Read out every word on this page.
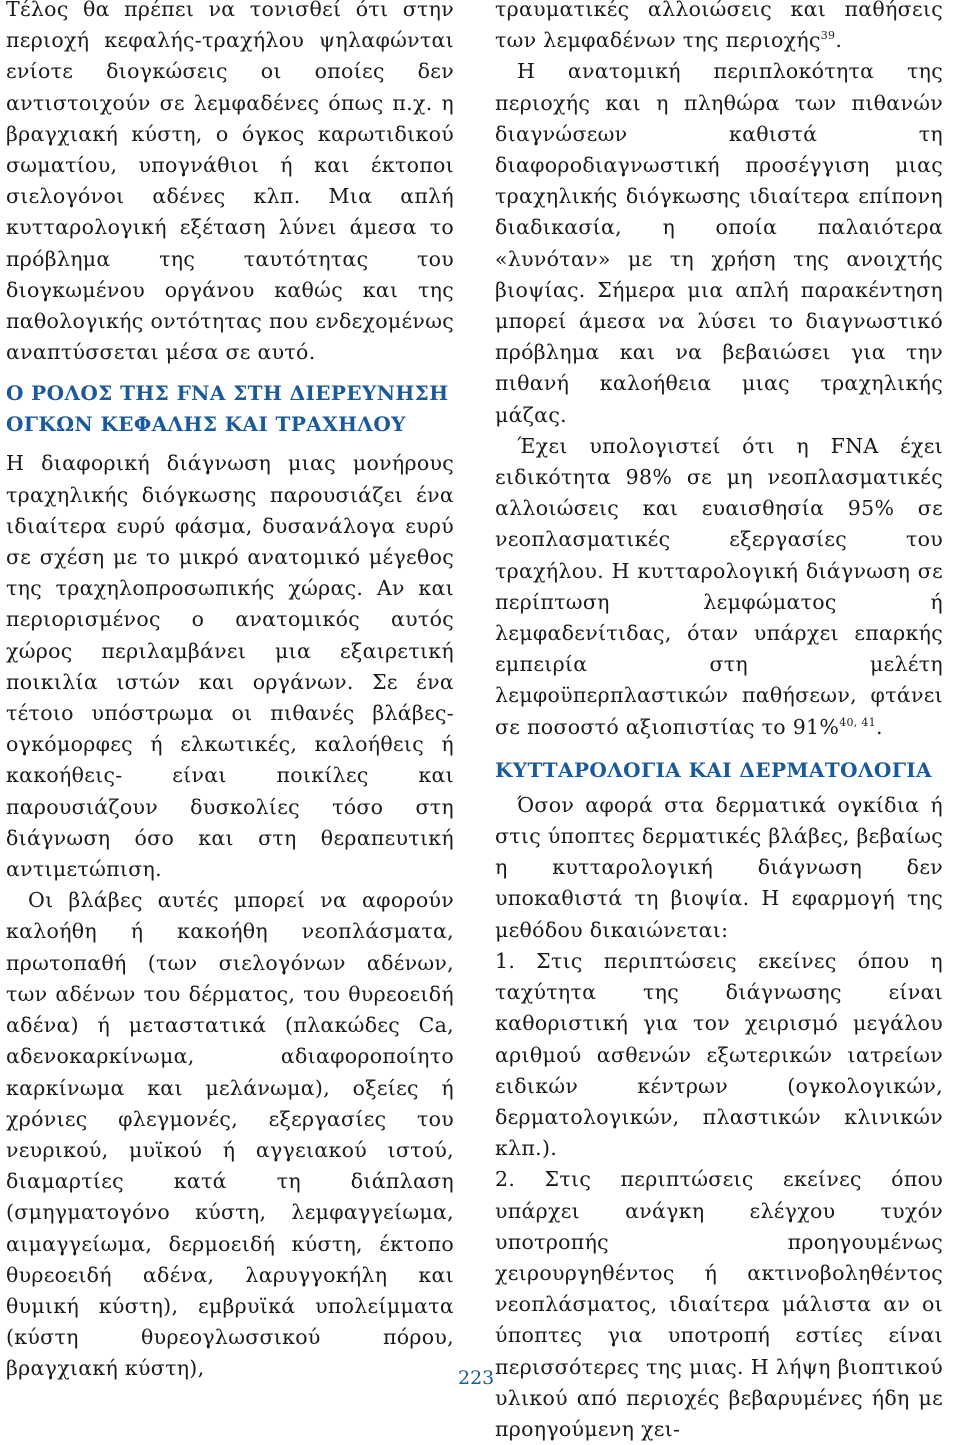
Τέλος θα πρέπει να τονισθεί ότι στην περιοχή κεφαλής-τραχήλου ψηλαφώνται ενίοτε διογκώσεις οι οποίες δεν αντιστοιχούν σε λεμφαδένες όπως π.χ. η βραγχιακή κύστη, ο όγκος καρωτιδικού σωματίου, υπογνάθιοι ή και έκτοποι σιελογόνοι αδένες κλπ. Μια απλή κυτταρολογική εξέταση λύνει άμεσα το πρόβλημα της ταυτότητας του διογκωμένου οργάνου καθώς και της παθολογικής οντότητας που ενδεχομένως αναπτύσσεται μέσα σε αυτό.

Ο ΡΟΛΟΣ ΤΗΣ FNA ΣΤΗ ΔΙΕΡΕΥΝΗΣΗ ΟΓΚΩΝ ΚΕΦΑΛΗΣ ΚΑΙ ΤΡΑΧΗΛΟΥ

Η διαφορική διάγνωση μιας μονήρους τραχηλικής διόγκωσης παρουσιάζει ένα ιδιαίτερα ευρύ φάσμα, δυσανάλογα ευρύ σε σχέση με το μικρό ανατομικό μέγεθος της τραχηλοπροσωπικής χώρας. Αν και περιορισμένος ο ανατομικός αυτός χώρος περιλαμβάνει μια εξαιρετική ποικιλία ιστών και οργάνων. Σε ένα τέτοιο υπόστρωμα οι πιθανές βλάβες- ογκόμορφες ή ελκωτικές, καλοήθεις ή κακοήθεις- είναι ποικίλες και παρουσιάζουν δυσκολίες τόσο στη διάγνωση όσο και στη θεραπευτική αντιμετώπιση.

Οι βλάβες αυτές μπορεί να αφορούν καλοήθη ή κακοήθη νεοπλάσματα, πρωτοπαθή (των σιελογόνων αδένων, των αδένων του δέρματος, του θυρεοειδή αδένα) ή μεταστατικά (πλακώδες Ca, αδενοκαρκίνωμα, αδιαφοροποίητο καρκίνωμα και μελάνωμα), οξείες ή χρόνιες φλεγμονές, εξεργασίες του νευρικού, μυϊκού ή αγγειακού ιστού, διαμαρτίες κατά τη διάπλαση (σμηγματογόνο κύστη, λεμφαγγείωμα, αιμαγγείωμα, δερμοειδή κύστη, έκτοπο θυρεοειδή αδένα, λαρυγγοκήλη και θυμική κύστη), εμβρυϊκά υπολείμματα (κύστη θυρεογλωσσικού πόρου, βραγχιακή κύστη),

τραυματικές αλλοιώσεις και παθήσεις των λεμφαδένων της περιοχής$^{39}$.

Η ανατομική περιπλοκότητα της περιοχής και η πληθώρα των πιθανών διαγνώσεων καθιστά τη διαφοροδιαγνωστική προσέγγιση μιας τραχηλικής διόγκωσης ιδιαίτερα επίπονη διαδικασία, η οποία παλαιότερα «λυνόταν» με τη χρήση της ανοιχτής βιοψίας. Σήμερα μια απλή παρακέντηση μπορεί άμεσα να λύσει το διαγνωστικό πρόβλημα και να βεβαιώσει για την πιθανή καλοήθεια μιας τραχηλικής μάζας.

Έχει υπολογιστεί ότι η FNA έχει ειδικότητα 98% σε μη νεοπλασματικές αλλοιώσεις και ευαισθησία 95% σε νεοπλασματικές εξεργασίες του τραχήλου. Η κυτταρολογική διάγνωση σε περίπτωση λεμφώματος ή λεμφαδενίτιδας, όταν υπάρχει επαρκής εμπειρία στη μελέτη λεμφοϋπερπλαστικών παθήσεων, φτάνει σε ποσοστό αξιοπιστίας το 91%$^{40, 41}$.

ΚΥΤΤΑΡΟΛΟΓΙΑ ΚΑΙ ΔΕΡΜΑΤΟΛΟΓΙΑ

Όσον αφορά στα δερματικά ογκίδια ή στις ύποπτες δερματικές βλάβες, βεβαίως η κυτταρολογική διάγνωση δεν υποκαθιστά τη βιοψία. Η εφαρμογή της μεθόδου δικαιώνεται:

1. Στις περιπτώσεις εκείνες όπου η ταχύτητα της διάγνωσης είναι καθοριστική για τον χειρισμό μεγάλου αριθμού ασθενών εξωτερικών ιατρείων ειδικών κέντρων (ογκολογικών, δερματολογικών, πλαστικών κλινικών κλπ.).

2. Στις περιπτώσεις εκείνες όπου υπάρχει ανάγκη ελέγχου τυχόν υποτροπής προηγουμένως χειρουργηθέντος ή ακτινοβοληθέντος νεοπλάσματος, ιδιαίτερα μάλιστα αν οι ύποπτες για υποτροπή εστίες είναι περισσότερες της μιας. Η λήψη βιοπτικού υλικού από περιοχές βεβαρυμένες ήδη με προηγούμενη χει-

223
